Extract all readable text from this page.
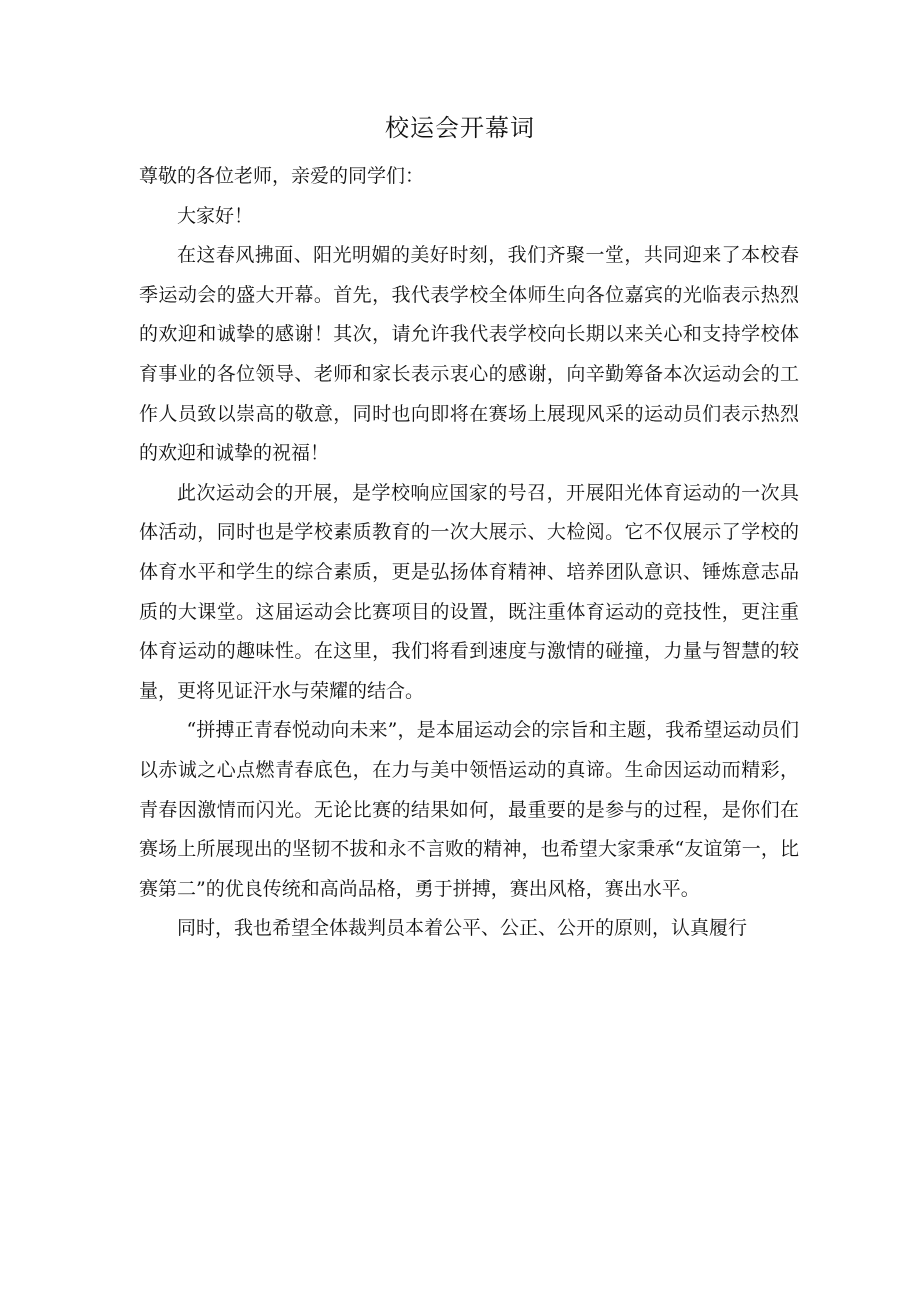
校运会开幕词

尊敬的各位老师，亲爱的同学们：

大家好！

在这春风拂面、阳光明媚的美好时刻，我们齐聚一堂，共同迎来了本校春季运动会的盛大开幕。首先，我代表学校全体师生向各位嘉宾的光临表示热烈的欢迎和诚挚的感谢！其次，请允许我代表学校向长期以来关心和支持学校体育事业的各位领导、老师和家长表示衷心的感谢，向辛勤筹备本次运动会的工作人员致以崇高的敬意，同时也向即将在赛场上展现风采的运动员们表示热烈的欢迎和诚挚的祝福！

此次运动会的开展，是学校响应国家的号召，开展阳光体育运动的一次具体活动，同时也是学校素质教育的一次大展示、大检阅。它不仅展示了学校的体育水平和学生的综合素质，更是弘扬体育精神、培养团队意识、锤炼意志品质的大课堂。这届运动会比赛项目的设置，既注重体育运动的竞技性，更注重体育运动的趣味性。在这里，我们将看到速度与激情的碰撞，力量与智慧的较量，更将见证汗水与荣耀的结合。

“拼搏正青春悦动向未来”，是本届运动会的宗旨和主题，我希望运动员们以赤诚之心点燃青春底色，在力与美中领悟运动的真谛。生命因运动而精彩，青春因激情而闪光。无论比赛的结果如何，最重要的是参与的过程，是你们在赛场上所展现出的坚韧不拔和永不言败的精神，也希望大家秉承“友谊第一，比赛第二”的优良传统和高尚品格，勇于拼搏，赛出风格，赛出水平。

同时，我也希望全体裁判员本着公平、公正、公开的原则，认真履行
